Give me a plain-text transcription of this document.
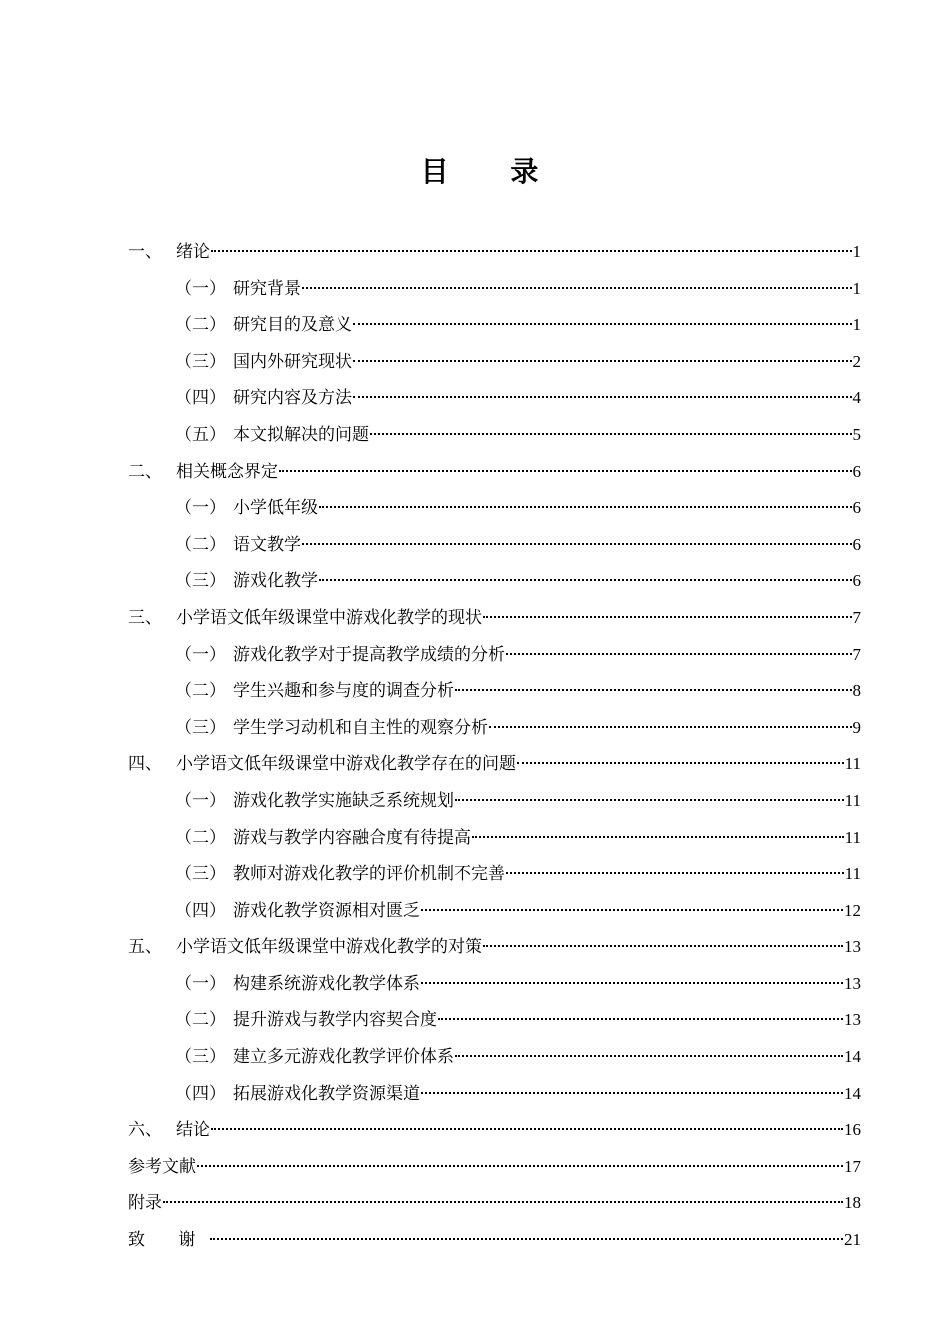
目 录
一、 绪论	1
（一） 研究背景	1
（二） 研究目的及意义	1
（三） 国内外研究现状	2
（四） 研究内容及方法	4
（五） 本文拟解决的问题	5
二、 相关概念界定	6
（一） 小学低年级	6
（二） 语文教学	6
（三） 游戏化教学	6
三、 小学语文低年级课堂中游戏化教学的现状	7
（一） 游戏化教学对于提高教学成绩的分析	7
（二） 学生兴趣和参与度的调查分析	8
（三） 学生学习动机和自主性的观察分析	9
四、 小学语文低年级课堂中游戏化教学存在的问题	11
（一） 游戏化教学实施缺乏系统规划	11
（二） 游戏与教学内容融合度有待提高	11
（三） 教师对游戏化教学的评价机制不完善	11
（四） 游戏化教学资源相对匮乏	12
五、 小学语文低年级课堂中游戏化教学的对策	13
（一） 构建系统游戏化教学体系	13
（二） 提升游戏与教学内容契合度	13
（三） 建立多元游戏化教学评价体系	14
（四） 拓展游戏化教学资源渠道	14
六、 结论	16
参考文献	17
附录	18
致 谢	21
